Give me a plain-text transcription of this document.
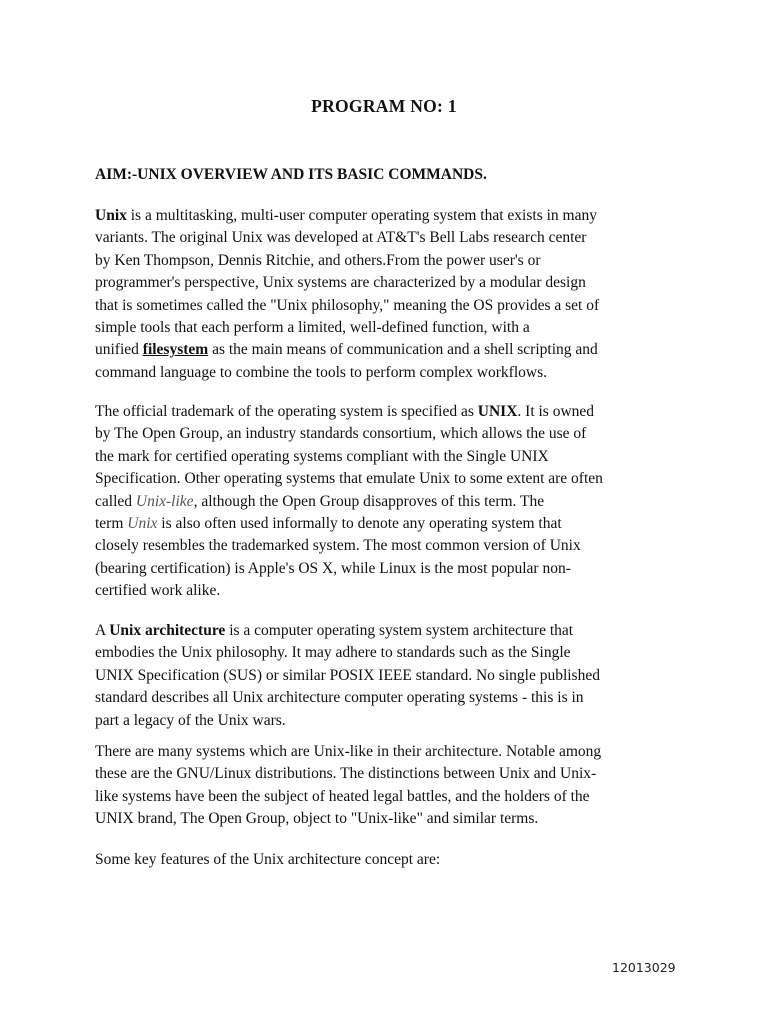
PROGRAM NO: 1
AIM:-UNIX OVERVIEW AND ITS BASIC COMMANDS.

Unix is a multitasking, multi-user computer operating system that exists in many
variants. The original Unix was developed at AT&T's Bell Labs research center
by Ken Thompson, Dennis Ritchie, and others.From the power user's or
programmer's perspective, Unix systems are characterized by a modular design
that is sometimes called the "Unix philosophy," meaning the OS provides a set of
simple tools that each perform a limited, well-defined function, with a
unified filesystem as the main means of communication and a shell scripting and
command language to combine the tools to perform complex workflows.

The official trademark of the operating system is specified as UNIX. It is owned
by The Open Group, an industry standards consortium, which allows the use of
the mark for certified operating systems compliant with the Single UNIX
Specification. Other operating systems that emulate Unix to some extent are often
called Unix-like, although the Open Group disapproves of this term. The
term Unix is also often used informally to denote any operating system that
closely resembles the trademarked system. The most common version of Unix
(bearing certification) is Apple's OS X, while Linux is the most popular non-
certified work alike.

A Unix architecture is a computer operating system system architecture that
embodies the Unix philosophy. It may adhere to standards such as the Single
UNIX Specification (SUS) or similar POSIX IEEE standard. No single published
standard describes all Unix architecture computer operating systems - this is in
part a legacy of the Unix wars.

There are many systems which are Unix-like in their architecture. Notable among
these are the GNU/Linux distributions. The distinctions between Unix and Unix-
like systems have been the subject of heated legal battles, and the holders of the
UNIX brand, The Open Group, object to "Unix-like" and similar terms.

Some key features of the Unix architecture concept are:

12013029
